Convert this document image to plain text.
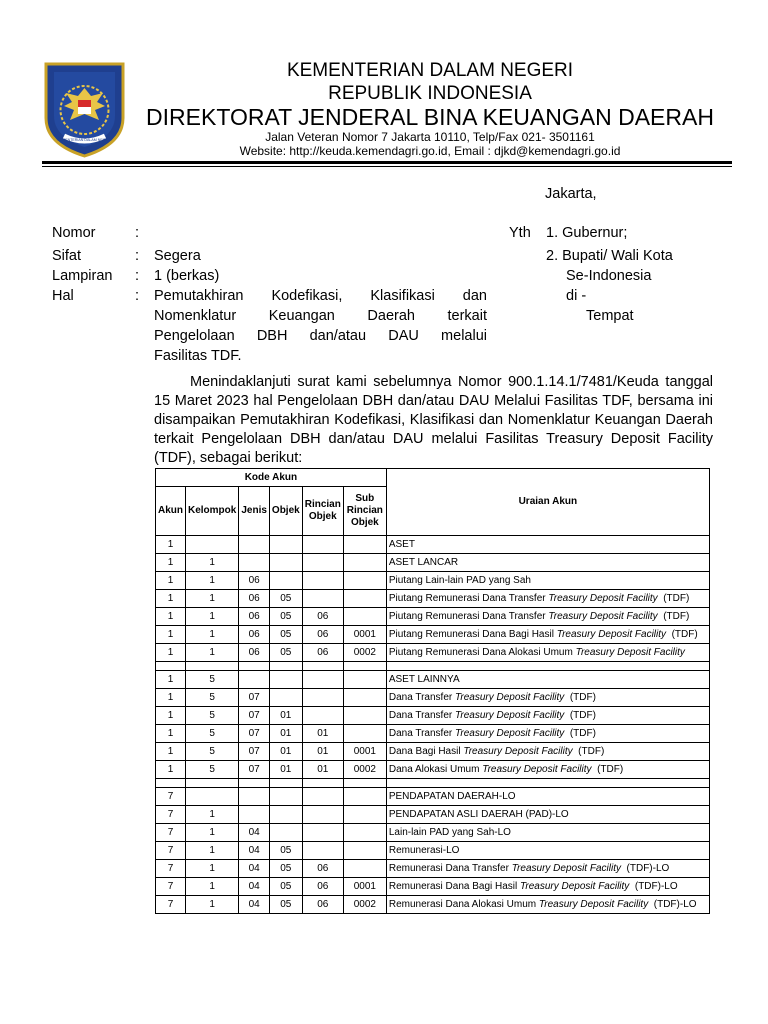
KEMENTERIAN DALAM NEGERI
KEMENTERIAN DALAM NEGERI
REPUBLIK INDONESIA
DIREKTORAT JENDERAL BINA KEUANGAN DAERAH
Jalan Veteran Nomor 7 Jakarta 10110, Telp/Fax 021- 3501161
Website: http://keuda.kemendagri.go.id, Email : djkd@kemendagri.go.id
Jakarta,
Nomor	:
Sifat	: Segera
Lampiran : 1 (berkas)
Hal	: Pemutakhiran Kodefikasi, Klasifikasi dan
Nomenklatur Keuangan Daerah terkait
Pengelolaan DBH dan/atau DAU melalui
Fasilitas TDF.
Yth 1. Gubernur;
2. Bupati/ Wali Kota
Se-Indonesia
di -
Tempat
Menindaklanjuti surat kami sebelumnya Nomor 900.1.14.1/7481/Keuda tanggal 15 Maret 2023 hal Pengelolaan DBH dan/atau DAU Melalui Fasilitas TDF, bersama ini disampaikan Pemutakhiran Kodefikasi, Klasifikasi dan Nomenklatur Keuangan Daerah terkait Pengelolaan DBH dan/atau DAU melalui Fasilitas Treasury Deposit Facility (TDF), sebagai berikut:
Kode Akun						Uraian Akun
Akun	Kelompok	Jenis	Objek	Rincian Objek	Sub Rincian Objek	
1						ASET
1	1					ASET LANCAR
1	1	06				Piutang Lain-lain PAD yang Sah
1	1	06	05			Piutang Remunerasi Dana Transfer Treasury Deposit Facility  (TDF)
1	1	06	05	06		Piutang Remunerasi Dana Transfer Treasury Deposit Facility  (TDF)
1	1	06	05	06	0001	Piutang Remunerasi Dana Bagi Hasil Treasury Deposit Facility  (TDF)
1	1	06	05	06	0002	Piutang Remunerasi Dana Alokasi Umum Treasury Deposit Facility

1	5					ASET LAINNYA
1	5	07				Dana Transfer Treasury Deposit Facility  (TDF)
1	5	07	01			Dana Transfer Treasury Deposit Facility  (TDF)
1	5	07	01	01		Dana Transfer Treasury Deposit Facility  (TDF)
1	5	07	01	01	0001	Dana Bagi Hasil Treasury Deposit Facility  (TDF)
1	5	07	01	01	0002	Dana Alokasi Umum Treasury Deposit Facility  (TDF)

7						PENDAPATAN DAERAH-LO
7	1					PENDAPATAN ASLI DAERAH (PAD)-LO
7	1	04				Lain-lain PAD yang Sah-LO
7	1	04	05			Remunerasi-LO
7	1	04	05	06		Remunerasi Dana Transfer Treasury Deposit Facility  (TDF)-LO
7	1	04	05	06	0001	Remunerasi Dana Bagi Hasil Treasury Deposit Facility  (TDF)-LO
7	1	04	05	06	0002	Remunerasi Dana Alokasi Umum Treasury Deposit Facility  (TDF)-LO
